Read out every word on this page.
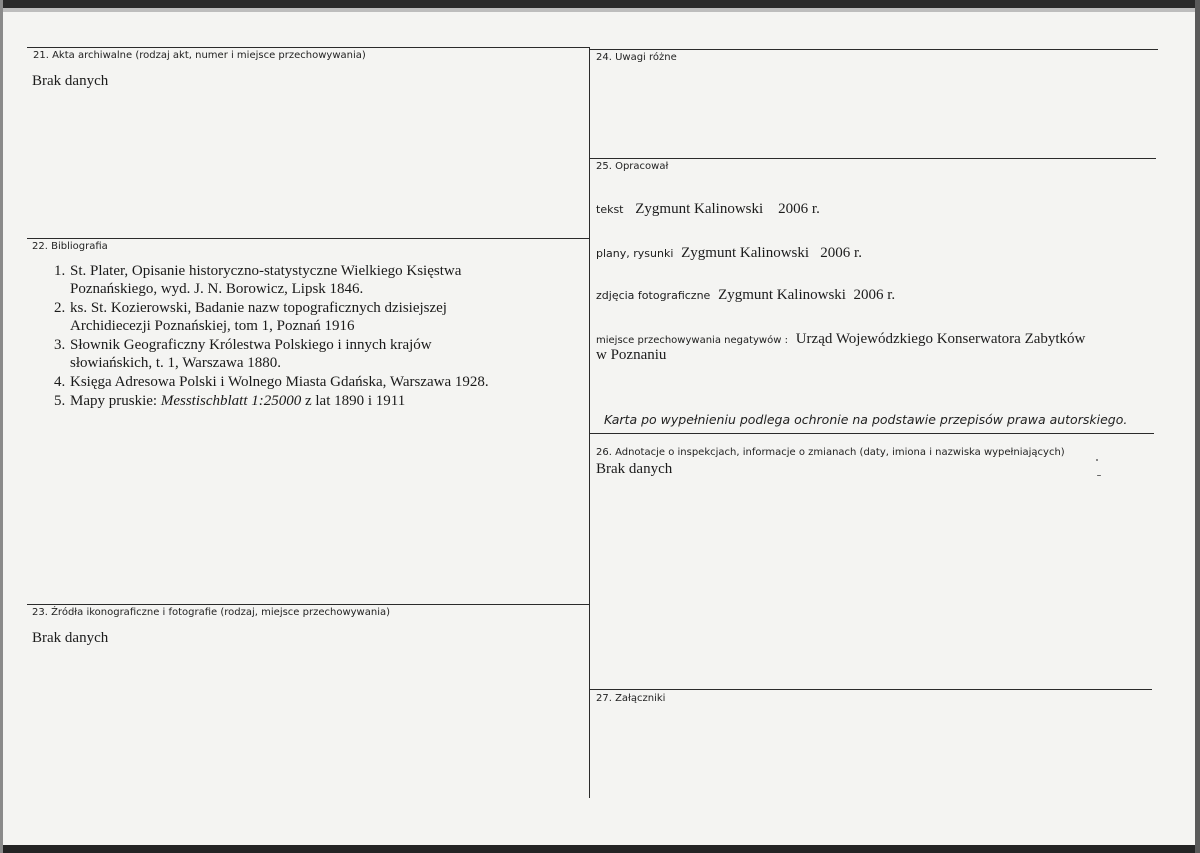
21. Akta archiwalne (rodzaj akt, numer i miejsce przechowywania)
Brak danych
22. Bibliografia
1. St. Plater, Opisanie historyczno-statystyczne Wielkiego Księstwa
Poznańskiego, wyd. J. N. Borowicz, Lipsk 1846.
2. ks. St. Kozierowski, Badanie nazw topograficznych dzisiejszej
Archidiecezji Poznańskiej, tom 1, Poznań 1916
3. Słownik Geograficzny Królestwa Polskiego i innych krajów
słowiańskich, t. 1, Warszawa 1880.
4. Księga Adresowa Polski i Wolnego Miasta Gdańska, Warszawa 1928.
5. Mapy pruskie: Messtischblatt 1:25000 z lat 1890 i 1911
23. Źródła ikonograficzne i fotografie (rodzaj, miejsce przechowywania)
Brak danych
24. Uwagi różne
25. Opracował
tekst Zygmunt Kalinowski    2006 r.
plany, rysunki Zygmunt Kalinowski   2006 r.
zdjęcia fotograficzne Zygmunt Kalinowski  2006 r.
miejsce przechowywania negatywów : Urząd Wojewódzkiego Konserwatora Zabytków
w Poznaniu
Karta po wypełnieniu podlega ochronie na podstawie przepisów prawa autorskiego.
26. Adnotacje o inspekcjach, informacje o zmianach (daty, imiona i nazwiska wypełniających)
Brak danych
27. Załączniki
